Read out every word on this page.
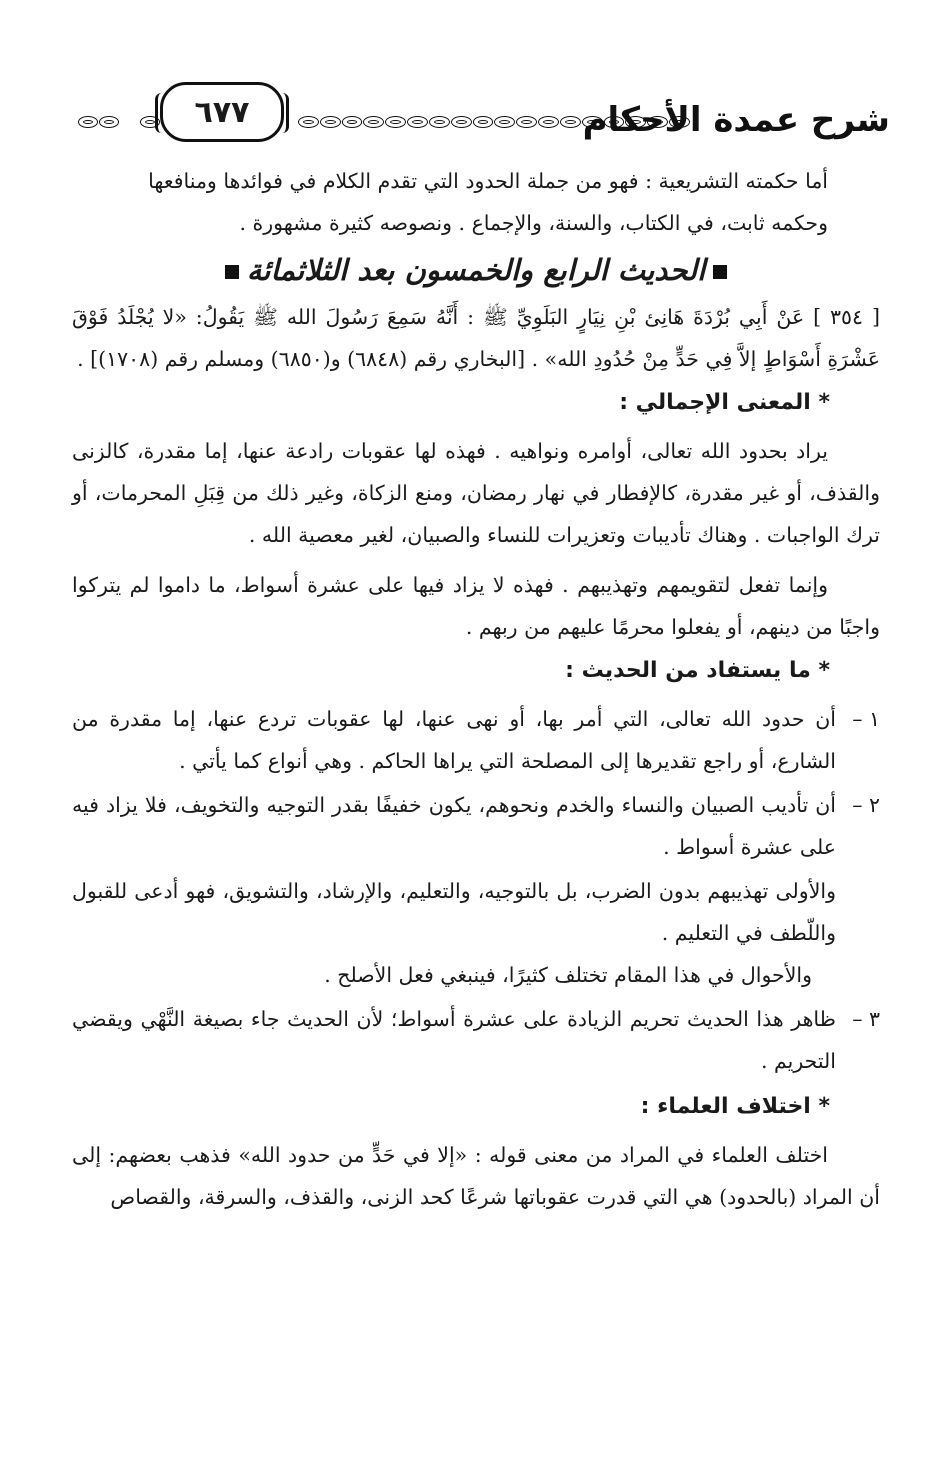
شرح عمدة الأحكام
٦٧٧

أما حكمته التشريعية : فهو من جملة الحدود التي تقدم الكلام في فوائدها ومنافعها

وحكمه ثابت، في الكتاب، والسنة، والإجماع . ونصوصه كثيرة مشهورة .

الحديث الرابع والخمسون بعد الثلاثمائة

[ ٣٥٤ ] عَنْ أَبِي بُرْدَةَ هَانِئ بْنِ نِيَارٍ البَلَوِيِّ ﷺ : أَنَّهُ سَمِعَ رَسُولَ الله ﷺ يَقُولُ: «لا يُجْلَدُ فَوْقَ عَشْرَةِ أَسْوَاطٍ إلاَّ فِي حَدٍّ مِنْ حُدُودِ الله» . [البخاري رقم (٦٨٤٨) و(٦٨٥٠) ومسلم رقم (١٧٠٨)] .

* المعنى الإجمالي :

يراد بحدود الله تعالى، أوامره ونواهيه . فهذه لها عقوبات رادعة عنها، إما مقدرة، كالزنى والقذف، أو غير مقدرة، كالإفطار في نهار رمضان، ومنع الزكاة، وغير ذلك من قِبَلِ المحرمات، أو ترك الواجبات . وهناك تأديبات وتعزيرات للنساء والصبيان، لغير معصية الله .

وإنما تفعل لتقويمهم وتهذيبهم . فهذه لا يزاد فيها على عشرة أسواط، ما داموا لم يتركوا واجبًا من دينهم، أو يفعلوا محرمًا عليهم من ربهم .

* ما يستفاد من الحديث :
١ –
أن حدود الله تعالى، التي أمر بها، أو نهى عنها، لها عقوبات تردع عنها، إما مقدرة من الشارع، أو راجع تقديرها إلى المصلحة التي يراها الحاكم . وهي أنواع كما يأتي .
٢ –
أن تأديب الصبيان والنساء والخدم ونحوهم، يكون خفيفًا بقدر التوجيه والتخويف، فلا يزاد فيه على عشرة أسواط .

والأولى تهذيبهم بدون الضرب، بل بالتوجيه، والتعليم، والإرشاد، والتشويق، فهو أدعى للقبول واللّطف في التعليم .

والأحوال في هذا المقام تختلف كثيرًا، فينبغي فعل الأصلح .

٣ –
ظاهر هذا الحديث تحريم الزيادة على عشرة أسواط؛ لأن الحديث جاء بصيغة النَّهْي ويقضي التحريم .
* اختلاف العلماء :

اختلف العلماء في المراد من معنى قوله : «إلا في حَدٍّ من حدود الله» فذهب بعضهم: إلى أن المراد (بالحدود) هي التي قدرت عقوباتها شرعًا كحد الزنى، والقذف، والسرقة، والقصاص
